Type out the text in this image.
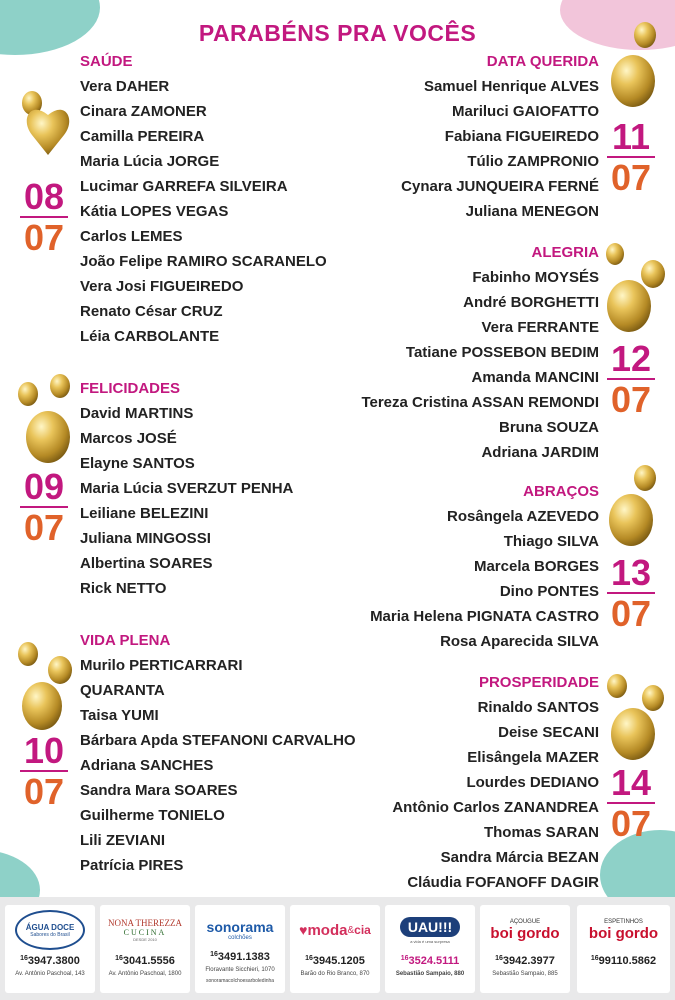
PARABÉNS PRA VOCÊS
SAÚDE
Vera DAHER
Cinara ZAMONER
Camilla PEREIRA
Maria Lúcia JORGE
Lucimar GARREFA SILVEIRA
Kátia LOPES VEGAS
Carlos LEMES
João Felipe RAMIRO SCARANELO
Vera Josi FIGUEIREDO
Renato César CRUZ
Léia CARBOLANTE
08
07
FELICIDADES
David MARTINS
Marcos JOSÉ
Elayne SANTOS
Maria Lúcia SVERZUT PENHA
Leiliane BELEZINI
Juliana MINGOSSI
Albertina SOARES
Rick NETTO
09
07
VIDA PLENA
Murilo PERTICARRARI
QUARANTA
Taisa YUMI
Bárbara Apda STEFANONI CARVALHO
Adriana SANCHES
Sandra Mara SOARES
Guilherme TONIELO
Lili ZEVIANI
Patrícia PIRES
10
07
DATA QUERIDA
Samuel Henrique ALVES
Mariluci GAIOFATTO
Fabiana FIGUEIREDO
Túlio ZAMPRONIO
Cynara JUNQUEIRA FERNÉ
Juliana MENEGON
11
07
ALEGRIA
Fabinho MOYSÉS
André BORGHETTI
Vera FERRANTE
Tatiane POSSEBON BEDIM
Amanda MANCINI
Tereza Cristina ASSAN REMONDI
Bruna SOUZA
Adriana JARDIM
12
07
ABRAÇOS
Rosângela AZEVEDO
Thiago SILVA
Marcela BORGES
Dino PONTES
Maria Helena PIGNATA CASTRO
Rosa Aparecida SILVA
13
07
PROSPERIDADE
Rinaldo SANTOS
Deise SECANI
Elisângela MAZER
Lourdes DEDIANO
Antônio Carlos ZANANDREA
Thomas SARAN
Sandra Márcia BEZAN
Cláudia FOFANOFF DAGIR
14
07
ÁGUA DOCE
Sabores do Brasil
$^{16}$3947.3800
Av. Antônio Paschoal, 143
NONA THEREZZA
CUCINA
DESDE 2010
$^{16}$3041.5556
Av. Antônio Paschoal, 1800
sonorama
colchões
$^{16}$3491.1383
Floravante Sicchieri, 1070
sonoramacolchoesarboledinha
♥ moda & cia
$^{16}$3945.1205
Barão do Rio Branco, 870
UAU!!!
a vida é uma surpresa
$^{16}$3524.5111
Sebastião Sampaio, 880
AÇOUGUE
boi gordo
$^{16}$3942.3977
Sebastião Sampaio, 885
ESPETINHOS
boi gordo
$^{16}$99110.5862
